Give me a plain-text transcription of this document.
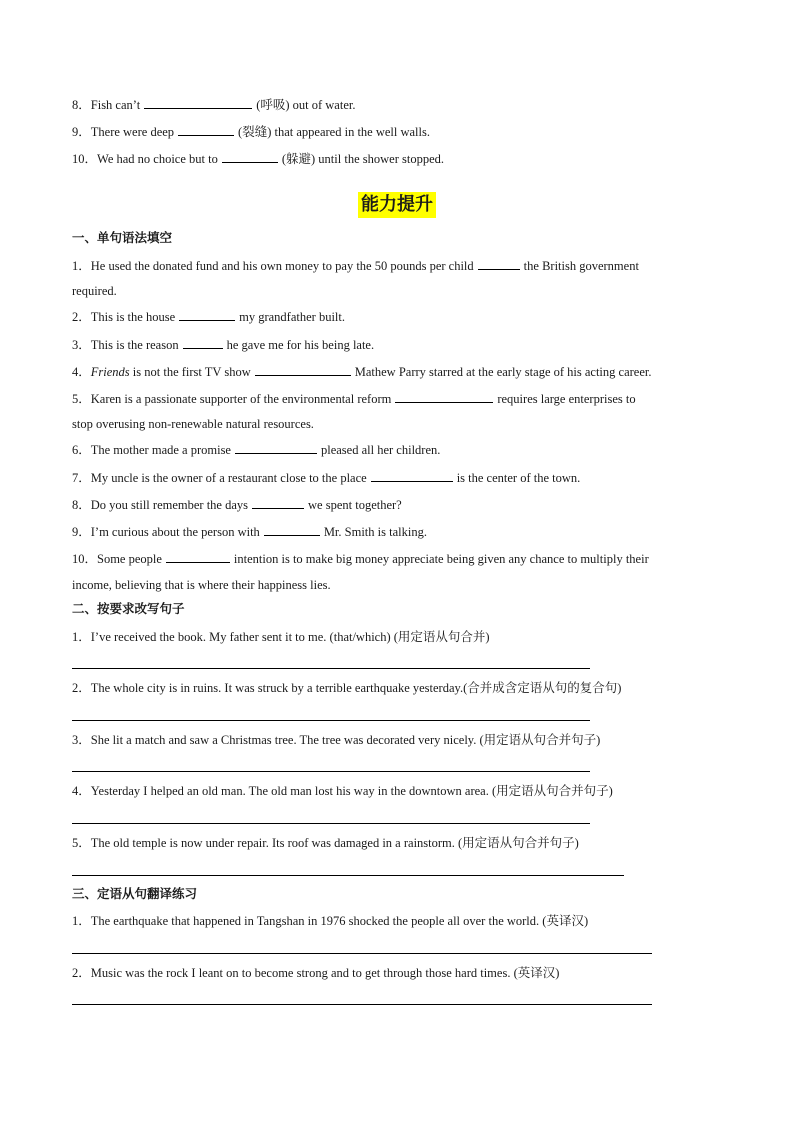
8．Fish can’t	(呼吸) out of water.
9．There were deep	(裂缝) that appeared in the well walls.
10．We had no choice but to	(躲避) until the shower stopped.
能力提升
一、单句语法填空
1．He used the donated fund and his own money to pay the 50 pounds per child	the British government
required.
2．This is the house	my grandfather built.
3．This is the reason	he gave me for his being late.
4．Friends is not the first TV show	Mathew Parry starred at the early stage of his acting career.
5．Karen is a passionate supporter of the environmental reform	requires large enterprises to
stop overusing non-renewable natural resources.
6．The mother made a promise	pleased all her children.
7．My uncle is the owner of a restaurant close to the place	is the center of the town.
8．Do you still remember the days	we spent together?
9．I’m curious about the person with	Mr. Smith is talking.
10．Some people	intention is to make big money appreciate being given any chance to multiply their
income, believing that is where their happiness lies.
二、按要求改写句子
1．I’ve received the book. My father sent it to me. (that/which) (用定语从句合并)
2．The whole city is in ruins. It was struck by a terrible earthquake yesterday.(合并成含定语从句的复合句)
3．She lit a match and saw a Christmas tree. The tree was decorated very nicely. (用定语从句合并句子)
4．Yesterday I helped an old man. The old man lost his way in the downtown area. (用定语从句合并句子)
5．The old temple is now under repair. Its roof was damaged in a rainstorm. (用定语从句合并句子)
三、定语从句翻译练习
1．The earthquake that happened in Tangshan in 1976 shocked the people all over the world. (英译汉)
2．Music was the rock I leant on to become strong and to get through those hard times. (英译汉)
